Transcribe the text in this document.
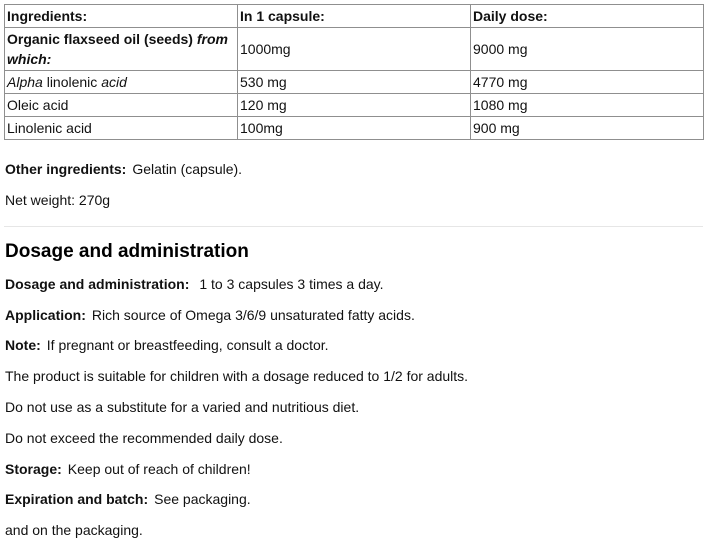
Ingredients:	In 1 capsule:	Daily dose:
Organic flaxseed oil (seeds) from which:	1000mg	9000 mg
Alpha linolenic acid	530 mg	4770 mg
Oleic acid	120 mg	1080 mg
Linolenic acid	100mg	900 mg

Other ingredients: Gelatin (capsule).

Net weight: 270g

Dosage and administration

Dosage and administration: 1 to 3 capsules 3 times a day.

Application: Rich source of Omega 3/6/9 unsaturated fatty acids.

Note: If pregnant or breastfeeding, consult a doctor.

The product is suitable for children with a dosage reduced to 1/2 for adults.

Do not use as a substitute for a varied and nutritious diet.

Do not exceed the recommended daily dose.

Storage: Keep out of reach of children!

Expiration and batch: See packaging.

and on the packaging.
